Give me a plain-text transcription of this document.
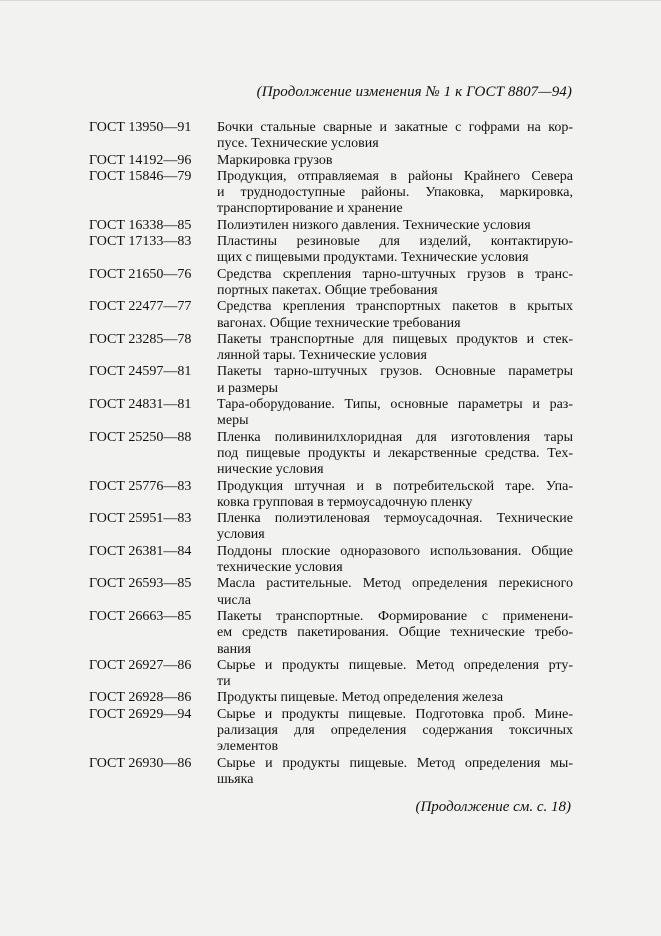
(Продолжение изменения № 1 к ГОСТ 8807—94)
ГОСТ 13950—91	Бочки стальные сварные и закатные с гофрами на кор-
пусе. Технические условия
ГОСТ 14192—96	Маркировка грузов
ГОСТ 15846—79	Продукция, отправляемая в районы Крайнего Севера
и труднодоступные районы. Упаковка, маркировка,
транспортирование и хранение
ГОСТ 16338—85	Полиэтилен низкого давления. Технические условия
ГОСТ 17133—83	Пластины резиновые для изделий, контактирую-
щих с пищевыми продуктами. Технические условия
ГОСТ 21650—76	Средства скрепления тарно-штучных грузов в транс-
портных пакетах. Общие требования
ГОСТ 22477—77	Средства крепления транспортных пакетов в крытых
вагонах. Общие технические требования
ГОСТ 23285—78	Пакеты транспортные для пищевых продуктов и стек-
лянной тары. Технические условия
ГОСТ 24597—81	Пакеты тарно-штучных грузов. Основные параметры
и размеры
ГОСТ 24831—81	Тара-оборудование. Типы, основные параметры и раз-
меры
ГОСТ 25250—88	Пленка поливинилхлоридная для изготовления тары
под пищевые продукты и лекарственные средства. Тех-
нические условия
ГОСТ 25776—83	Продукция штучная и в потребительской таре. Упа-
ковка групповая в термоусадочную пленку
ГОСТ 25951—83	Пленка полиэтиленовая термоусадочная. Технические
условия
ГОСТ 26381—84	Поддоны плоские одноразового использования. Общие
технические условия
ГОСТ 26593—85	Масла растительные. Метод определения перекисного
числа
ГОСТ 26663—85	Пакеты транспортные. Формирование с применени-
ем средств пакетирования. Общие технические требо-
вания
ГОСТ 26927—86	Сырье и продукты пищевые. Метод определения рту-
ти
ГОСТ 26928—86	Продукты пищевые. Метод определения железа
ГОСТ 26929—94	Сырье и продукты пищевые. Подготовка проб. Мине-
рализация для определения содержания токсичных
элементов
ГОСТ 26930—86	Сырье и продукты пищевые. Метод определения мы-
шьяка
(Продолжение см. с. 18)
